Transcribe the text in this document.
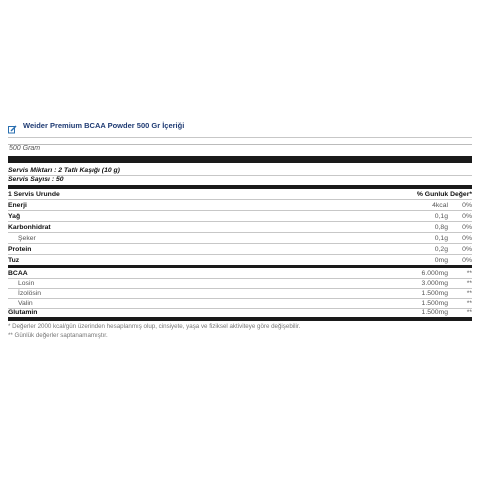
Weider Premium BCAA Powder 500 Gr İçeriği
500 Gram
Servis Miktarı : 2 Tatlı Kaşığı (10 g)
Servis Sayısı : 50
1 Servis Urunde	% Gunluk Değer*
Enerji	4kcal	0%
Yağ	0,1g	0%
Karbonhidrat	0,8g	0%
Şeker	0,1g	0%
Protein	0,2g	0%
Tuz	0mg	0%
BCAA	6.000mg	**
Losin	3.000mg	**
İzolösin	1.500mg	**
Valin	1.500mg	**
Glutamin	1.500mg	**
* Değerler 2000 kcal/gün üzerinden hesaplanmış olup, cinsiyete, yaşa ve fiziksel aktiviteye göre değişebilir.
** Günlük değerler saptanamamıştır.
